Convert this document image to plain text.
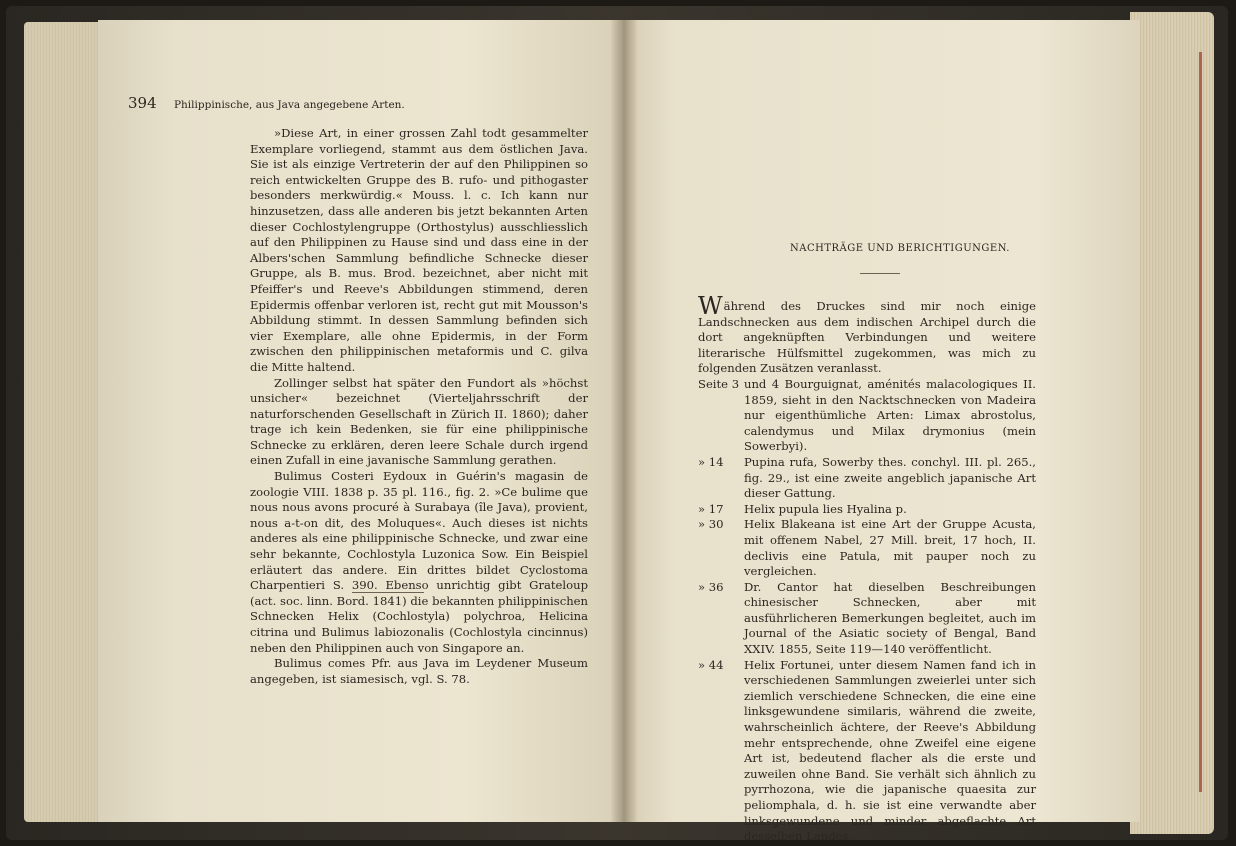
394 Philippinische, aus Java angegebene Arten.

»Diese Art, in einer grossen Zahl todt gesammelter Exemplare vorliegend, stammt aus dem östlichen Java. Sie ist als einzige Vertreterin der auf den Philippinen so reich entwickelten Gruppe des B. rufo- und pithogaster besonders merkwürdig.« Mouss. l. c. Ich kann nur hinzusetzen, dass alle anderen bis jetzt bekannten Arten dieser Cochlostylengruppe (Orthostylus) ausschliesslich auf den Philippinen zu Hause sind und dass eine in der Albers'schen Sammlung befindliche Schnecke dieser Gruppe, als B. mus. Brod. bezeichnet, aber nicht mit Pfeiffer's und Reeve's Abbildungen stimmend, deren Epidermis offenbar verloren ist, recht gut mit Mousson's Abbildung stimmt. In dessen Sammlung befinden sich vier Exemplare, alle ohne Epidermis, in der Form zwischen den philippinischen metaformis und C. gilva die Mitte haltend.

Zollinger selbst hat später den Fundort als »höchst unsicher« bezeichnet (Vierteljahrsschrift der naturforschenden Gesellschaft in Zürich II. 1860); daher trage ich kein Bedenken, sie für eine philippinische Schnecke zu erklären, deren leere Schale durch irgend einen Zufall in eine javanische Sammlung gerathen.

Bulimus Costeri Eydoux in Guérin's magasin de zoologie VIII. 1838 p. 35 pl. 116., fig. 2. »Ce bulime que nous nous avons procuré à Surabaya (île Java), provient, nous a-t-on dit, des Moluques«. Auch dieses ist nichts anderes als eine philippinische Schnecke, und zwar eine sehr bekannte, Cochlostyla Luzonica Sow. Ein Beispiel erläutert das andere. Ein drittes bildet Cyclostoma Charpentieri S. 390. Ebenso unrichtig gibt Grateloup (act. soc. linn. Bord. 1841) die bekannten philippinischen Schnecken Helix (Cochlostyla) polychroa, Helicina citrina und Bulimus labiozonalis (Cochlostyla cincinnus) neben den Philippinen auch von Singapore an.

Bulimus comes Pfr. aus Java im Leydener Museum angegeben, ist siamesisch, vgl. S. 78.

NACHTRÄGE UND BERICHTIGUNGEN.

Während des Druckes sind mir noch einige Landschnecken aus dem indischen Archipel durch die dort angeknüpften Verbindungen und weitere literarische Hülfsmittel zugekommen, was mich zu folgenden Zusätzen veranlasst.

Seite 3 und 4 Bourguignat, aménités malacologiques II. 1859, sieht in den Nacktschnecken von Madeira nur eigenthümliche Arten: Limax abrostolus, calendymus und Milax drymonius (mein Sowerbyi).
» 14	Pupina rufa, Sowerby thes. conchyl. III. pl. 265., fig. 29., ist eine zweite angeblich japanische Art dieser Gattung.
» 17	Helix pupula lies Hyalina p.
» 30	Helix Blakeana ist eine Art der Gruppe Acusta, mit offenem Nabel, 27 Mill. breit, 17 hoch, II. declivis eine Patula, mit pauper noch zu vergleichen.
» 36	Dr. Cantor hat dieselben Beschreibungen chinesischer Schnecken, aber mit ausführlicheren Bemerkungen begleitet, auch im Journal of the Asiatic society of Bengal, Band XXIV. 1855, Seite 119—140 veröffentlicht.
» 44	Helix Fortunei, unter diesem Namen fand ich in verschiedenen Sammlungen zweierlei unter sich ziemlich verschiedene Schnecken, die eine eine linksgewundene similaris, während die zweite, wahrscheinlich ächtere, der Reeve's Abbildung mehr entsprechende, ohne Zweifel eine eigene Art ist, bedeutend flacher als die erste und zuweilen ohne Band. Sie verhält sich ähnlich zu pyrrhozona, wie die japanische quaesita zur peliomphala, d. h. sie ist eine verwandte aber linksgewundene und minder abgeflachte Art desselben Landes.
